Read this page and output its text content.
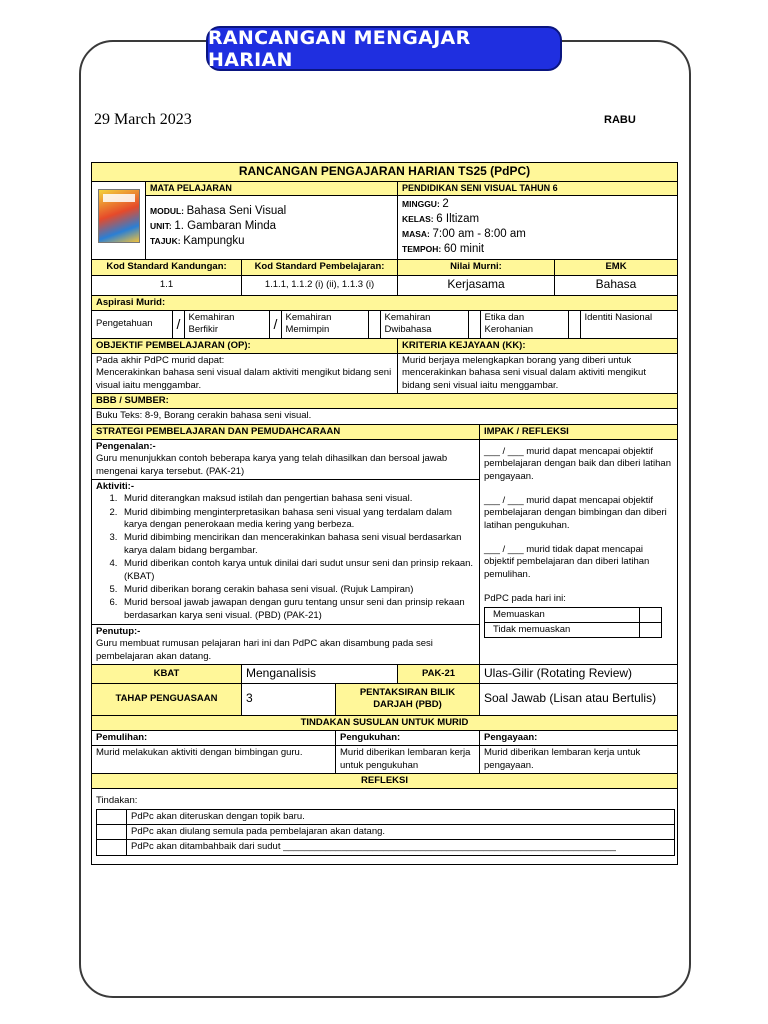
RANCANGAN MENGAJAR HARIAN
29 March 2023	RABU
RANCANGAN PENGAJARAN HARIAN TS25 (PdPC)

	MATA PELAJARAN	PENDIDIKAN SENI VISUAL TAHUN 6

MODUL: Bahasa Seni Visual
UNIT: 1. Gambaran Minda
TAJUK: Kampungku

MINGGU: 2
KELAS: 6 Iltizam
MASA: 7:00 am - 8:00 am
TEMPOH: 60 minit

Kod Standard Kandungan:	Kod Standard Pembelajaran:	Nilai Murni:	EMK
1.1	1.1.1, 1.1.2 (i) (ii), 1.1.3 (i)	Kerjasama	Bahasa
Aspirasi Murid:

Pengetahuan	/	Kemahiran Berfikir	/	Kemahiran Memimpin		Kemahiran Dwibahasa		Etika dan Kerohanian		Identiti Nasional

OBJEKTIF PEMBELAJARAN (OP):	KRITERIA KEJAYAAN (KK):

Pada akhir PdPC murid dapat:
Mencerakinkan bahasa seni visual dalam aktiviti mengikut bidang seni visual iaitu menggambar.
	Murid berjaya melengkapkan borang yang diberi untuk mencerakinkan bahasa seni visual dalam aktiviti mengikut bidang seni visual iaitu menggambar.
BBB / SUMBER:
Buku Teks: 8-9, Borang cerakin bahasa seni visual.
STRATEGI PEMBELAJARAN DAN PEMUDAHCARAAN	IMPAK / REFLEKSI

Pengenalan:-
Guru menunjukkan contoh beberapa karya yang telah dihasilkan dan bersoal jawab mengenai karya tersebut. (PAK-21)

___ / ___ murid dapat mencapai objektif pembelajaran dengan baik dan diberi latihan pengayaan.

___ / ___ murid dapat mencapai objektif pembelajaran dengan bimbingan dan diberi latihan pengukuhan.

___ / ___ murid tidak dapat mencapai objektif pembelajaran dan diberi latihan pemulihan.

PdPC pada hari ini:

Memuaskan	
Tidak memuaskan	

Aktiviti:-
1. Murid diterangkan maksud istilah dan pengertian bahasa seni visual.
2. Murid dibimbing menginterpretasikan bahasa seni visual yang terdalam dalam karya dengan penerokaan media kering yang berbeza.
3. Murid dibimbing mencirikan dan mencerakinkan bahasa seni visual berdasarkan karya dalam bidang bergambar.
4. Murid diberikan contoh karya untuk dinilai dari sudut unsur seni dan prinsip rekaan. (KBAT)
5. Murid diberikan borang cerakin bahasa seni visual. (Rujuk Lampiran)
6. Murid bersoal jawab jawapan dengan guru tentang unsur seni dan prinsip rekaan berdasarkan karya seni visual. (PBD) (PAK-21)

Penutup:-
Guru membuat rumusan pelajaran hari ini dan PdPC akan disambung pada sesi pembelajaran akan datang.

KBAT	Menganalisis	PAK-21	Ulas-Gilir (Rotating Review)
TAHAP PENGUASAAN	3	PENTAKSIRAN BILIK DARJAH (PBD)	Soal Jawab (Lisan atau Bertulis)
TINDAKAN SUSULAN UNTUK MURID
Pemulihan:	Pengukuhan:	Pengayaan:
Murid melakukan aktiviti dengan bimbingan guru.	Murid diberikan lembaran kerja untuk pengukuhan	Murid diberikan lembaran kerja untuk pengayaan.
REFLEKSI

Tindakan:
	PdPc akan diteruskan dengan topik baru.
	PdPc akan diulang semula pada pembelajaran akan datang.
	PdPc akan ditambahbaik dari sudut _______________________________________________________________
